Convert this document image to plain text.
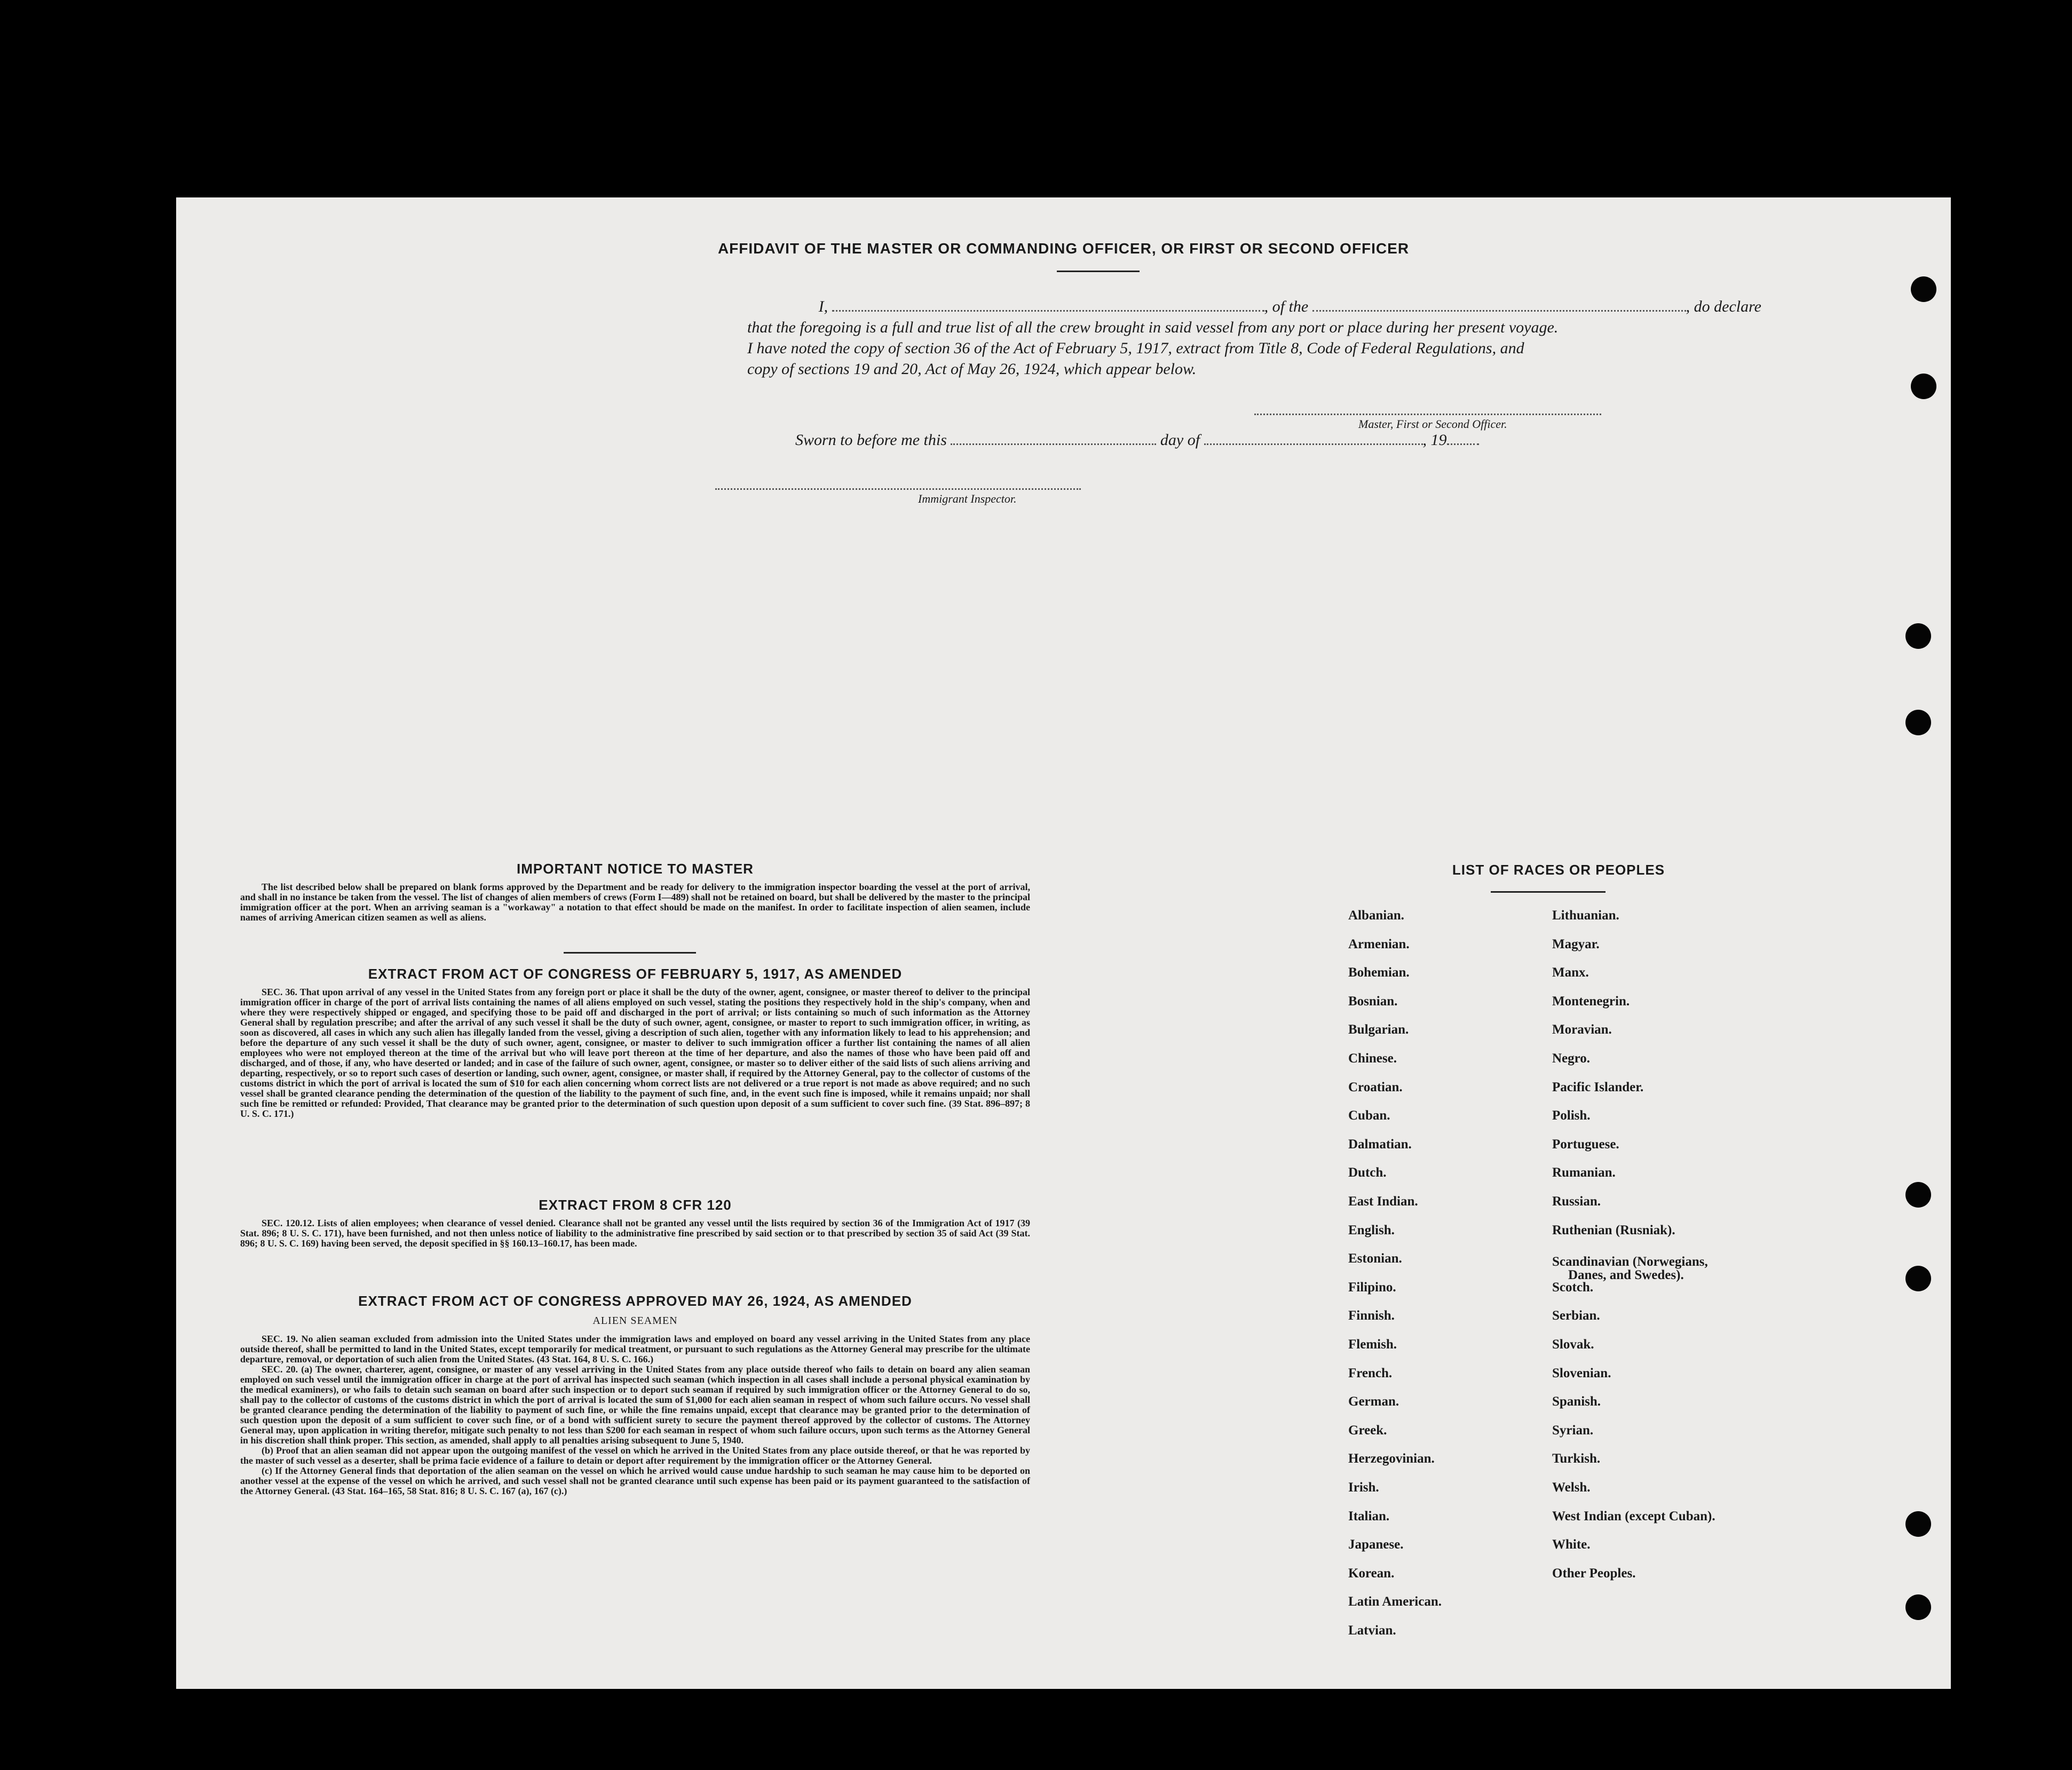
AFFIDAVIT OF THE MASTER OR COMMANDING OFFICER, OR FIRST OR SECOND OFFICER

I,	, of the	, do declare

that the foregoing is a full and true list of all the crew brought in said vessel from any port or place during her present voyage.

I have noted the copy of section 36 of the Act of February 5, 1917, extract from Title 8, Code of Federal Regulations, and

copy of sections 19 and 20, Act of May 26, 1924, which appear below.

Master, First or Second Officer.
Sworn to before me this	day of	, 19
Immigrant Inspector.
IMPORTANT NOTICE TO MASTER

The list described below shall be prepared on blank forms approved by the Department and be ready for delivery to the immigration inspector boarding the vessel at the port of arrival, and shall in no instance be taken from the vessel. The list of changes of alien members of crews (Form I—489) shall not be retained on board, but shall be delivered by the master to the principal immigration officer at the port. When an arriving seaman is a "workaway" a notation to that effect should be made on the manifest. In order to facilitate inspection of alien seamen, include names of arriving American citizen seamen as well as aliens.

EXTRACT FROM ACT OF CONGRESS OF FEBRUARY 5, 1917, AS AMENDED

SEC. 36. That upon arrival of any vessel in the United States from any foreign port or place it shall be the duty of the owner, agent, consignee, or master thereof to deliver to the principal immigration officer in charge of the port of arrival lists containing the names of all aliens employed on such vessel, stating the positions they respectively hold in the ship's company, when and where they were respectively shipped or engaged, and specifying those to be paid off and discharged in the port of arrival; or lists containing so much of such information as the Attorney General shall by regulation prescribe; and after the arrival of any such vessel it shall be the duty of such owner, agent, consignee, or master to report to such immigration officer, in writing, as soon as discovered, all cases in which any such alien has illegally landed from the vessel, giving a description of such alien, together with any information likely to lead to his apprehension; and before the departure of any such vessel it shall be the duty of such owner, agent, consignee, or master to deliver to such immigration officer a further list containing the names of all alien employees who were not employed thereon at the time of the arrival but who will leave port thereon at the time of her departure, and also the names of those who have been paid off and discharged, and of those, if any, who have deserted or landed; and in case of the failure of such owner, agent, consignee, or master so to deliver either of the said lists of such aliens arriving and departing, respectively, or so to report such cases of desertion or landing, such owner, agent, consignee, or master shall, if required by the Attorney General, pay to the collector of customs of the customs district in which the port of arrival is located the sum of $10 for each alien concerning whom correct lists are not delivered or a true report is not made as above required; and no such vessel shall be granted clearance pending the determination of the question of the liability to the payment of such fine, and, in the event such fine is imposed, while it remains unpaid; nor shall such fine be remitted or refunded: Provided, That clearance may be granted prior to the determination of such question upon deposit of a sum sufficient to cover such fine. (39 Stat. 896–897; 8 U. S. C. 171.)

EXTRACT FROM 8 CFR 120

SEC. 120.12. Lists of alien employees; when clearance of vessel denied. Clearance shall not be granted any vessel until the lists required by section 36 of the Immigration Act of 1917 (39 Stat. 896; 8 U. S. C. 171), have been furnished, and not then unless notice of liability to the administrative fine prescribed by said section or to that prescribed by section 35 of said Act (39 Stat. 896; 8 U. S. C. 169) having been served, the deposit specified in §§ 160.13–160.17, has been made.

EXTRACT FROM ACT OF CONGRESS APPROVED MAY 26, 1924, AS AMENDED
ALIEN SEAMEN

SEC. 19. No alien seaman excluded from admission into the United States under the immigration laws and employed on board any vessel arriving in the United States from any place outside thereof, shall be permitted to land in the United States, except temporarily for medical treatment, or pursuant to such regulations as the Attorney General may prescribe for the ultimate departure, removal, or deportation of such alien from the United States. (43 Stat. 164, 8 U. S. C. 166.)

SEC. 20. (a) The owner, charterer, agent, consignee, or master of any vessel arriving in the United States from any place outside thereof who fails to detain on board any alien seaman employed on such vessel until the immigration officer in charge at the port of arrival has inspected such seaman (which inspection in all cases shall include a personal physical examination by the medical examiners), or who fails to detain such seaman on board after such inspection or to deport such seaman if required by such immigration officer or the Attorney General to do so, shall pay to the collector of customs of the customs district in which the port of arrival is located the sum of $1,000 for each alien seaman in respect of whom such failure occurs. No vessel shall be granted clearance pending the determination of the liability to payment of such fine, or while the fine remains unpaid, except that clearance may be granted prior to the determination of such question upon the deposit of a sum sufficient to cover such fine, or of a bond with sufficient surety to secure the payment thereof approved by the collector of customs. The Attorney General may, upon application in writing therefor, mitigate such penalty to not less than $200 for each seaman in respect of whom such failure occurs, upon such terms as the Attorney General in his discretion shall think proper. This section, as amended, shall apply to all penalties arising subsequent to June 5, 1940.

(b) Proof that an alien seaman did not appear upon the outgoing manifest of the vessel on which he arrived in the United States from any place outside thereof, or that he was reported by the master of such vessel as a deserter, shall be prima facie evidence of a failure to detain or deport after requirement by the immigration officer or the Attorney General.

(c) If the Attorney General finds that deportation of the alien seaman on the vessel on which he arrived would cause undue hardship to such seaman he may cause him to be deported on another vessel at the expense of the vessel on which he arrived, and such vessel shall not be granted clearance until such expense has been paid or its payment guaranteed to the satisfaction of the Attorney General. (43 Stat. 164–165, 58 Stat. 816; 8 U. S. C. 167 (a), 167 (c).)

LIST OF RACES OR PEOPLES
Albanian.
Armenian.
Bohemian.
Bosnian.
Bulgarian.
Chinese.
Croatian.
Cuban.
Dalmatian.
Dutch.
East Indian.
English.
Estonian.
Filipino.
Finnish.
Flemish.
French.
German.
Greek.
Herzegovinian.
Irish.
Italian.
Japanese.
Korean.
Latin American.
Latvian.
Lithuanian.
Magyar.
Manx.
Montenegrin.
Moravian.
Negro.
Pacific Islander.
Polish.
Portuguese.
Rumanian.
Russian.
Ruthenian (Rusniak).
Scandinavian (Norwegians,
Danes, and Swedes).
Scotch.
Serbian.
Slovak.
Slovenian.
Spanish.
Syrian.
Turkish.
Welsh.
West Indian (except Cuban).
White.
Other Peoples.
